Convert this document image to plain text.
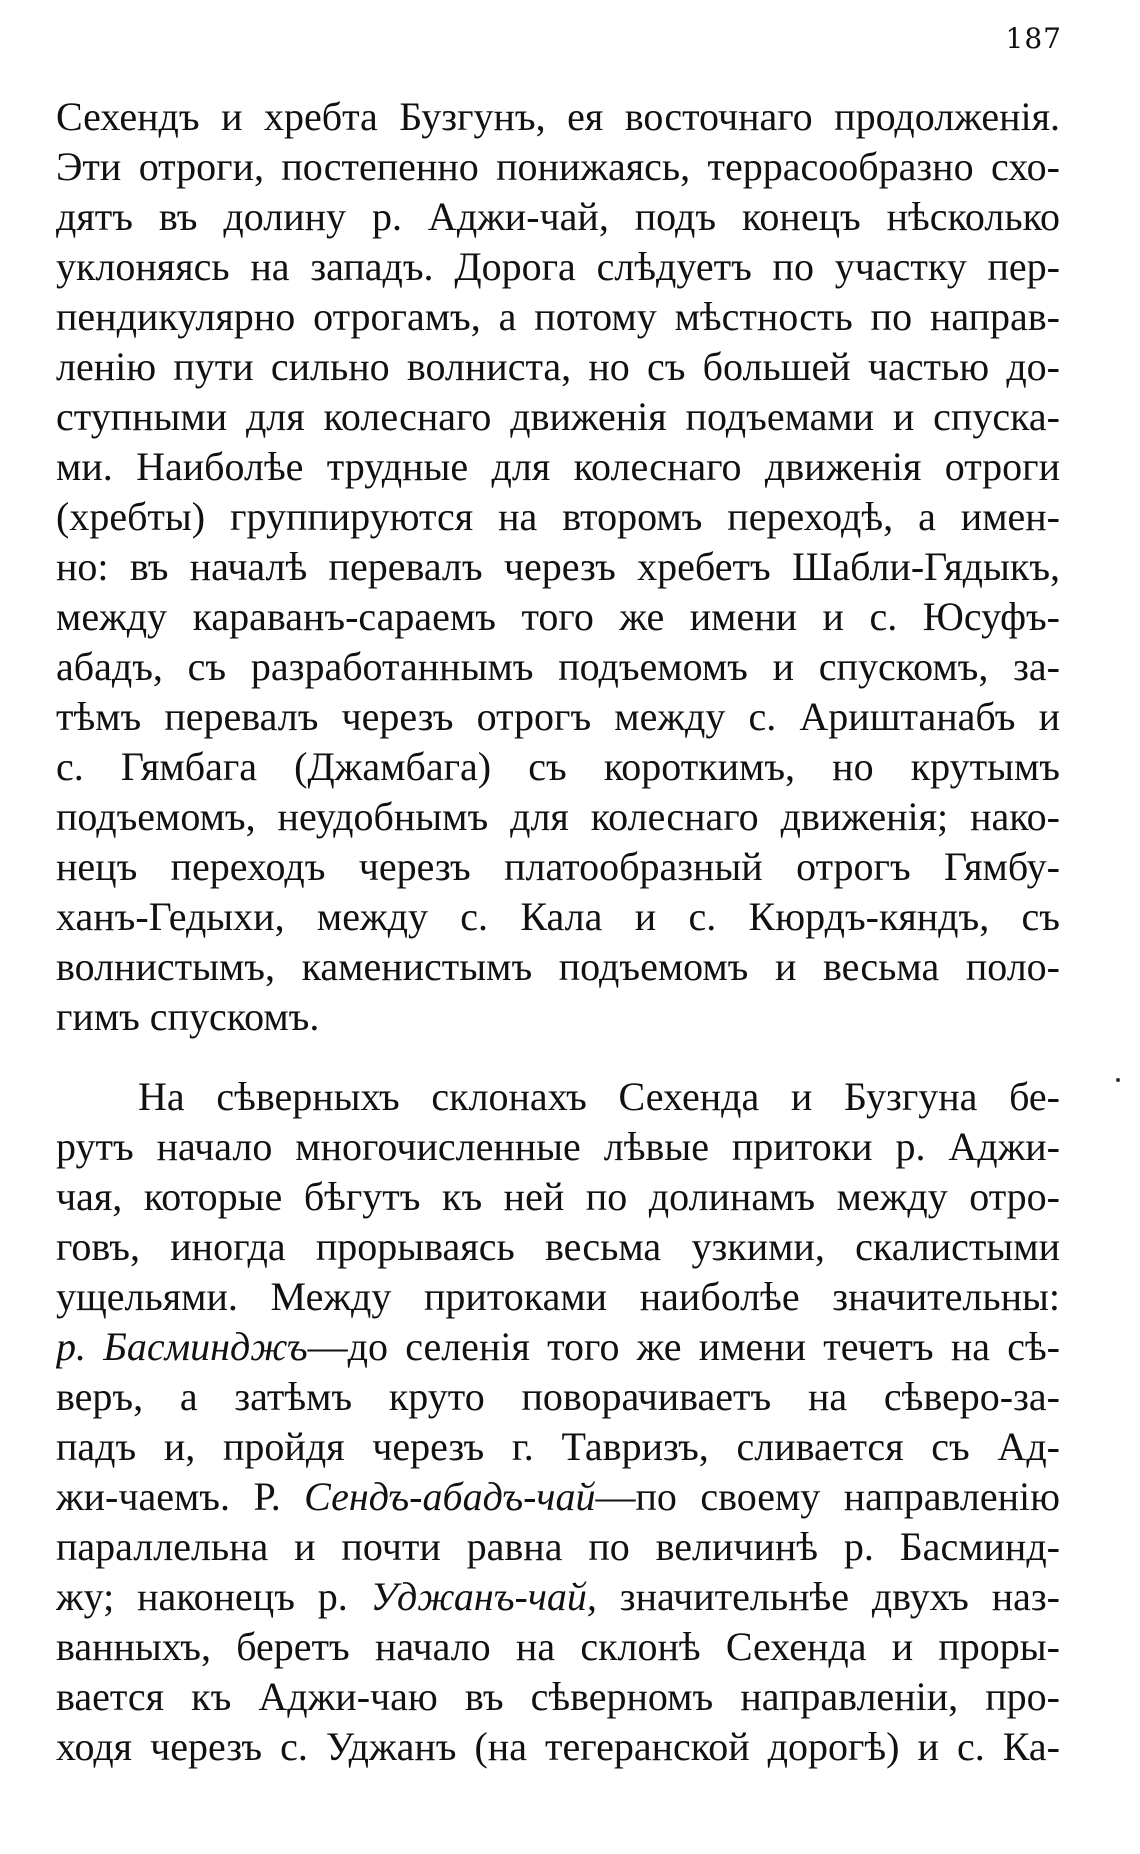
187
Сехендъ и хребта Бузгунъ, ея восточнаго продолженія.
Эти отроги, постепенно понижаясь, террасообразно схо-
дятъ въ долину р. Аджи-чай, подъ конецъ нѣсколько
уклоняясь на западъ. Дорога слѣдуетъ по участку пер-
пендикулярно отрогамъ, а потому мѣстность по направ-
ленію пути сильно волниста, но съ большей частью до-
ступными для колеснаго движенія подъемами и спуска-
ми. Наиболѣе трудные для колеснаго движенія отроги
(хребты) группируются на второмъ переходѣ, а имен-
но: въ началѣ перевалъ черезъ хребетъ Шабли-Гядыкъ,
между караванъ-сараемъ того же имени и с. Юсуфъ-
абадъ, съ разработаннымъ подъемомъ и спускомъ, за-
тѣмъ перевалъ черезъ отрогъ между с. Ариштанабъ и
с. Гямбага (Джамбага) съ короткимъ, но крутымъ
подъемомъ, неудобнымъ для колеснаго движенія; нако-
нецъ переходъ черезъ платообразный отрогъ Гямбу-
ханъ-Гедыхи, между с. Кала и с. Кюрдъ-кяндъ, съ
волнистымъ, каменистымъ подъемомъ и весьма поло-
гимъ спускомъ.
На сѣверныхъ склонахъ Сехенда и Бузгуна бе-
рутъ начало многочисленные лѣвые притоки р. Аджи-
чая, которые бѣгутъ къ ней по долинамъ между отро-
говъ, иногда прорываясь весьма узкими, скалистыми
ущельями. Между притоками наиболѣе значительны:
р. Басминджъ—до селенія того же имени течетъ на сѣ-
веръ, а затѣмъ круто поворачиваетъ на сѣверо-за-
падъ и, пройдя черезъ г. Тавризъ, сливается съ Ад-
жи-чаемъ. Р. Сендъ-абадъ-чай—по своему направленію
параллельна и почти равна по величинѣ р. Басминд-
жу; наконецъ р. Уджанъ-чай, значительнѣе двухъ наз-
ванныхъ, беретъ начало на склонѣ Сехенда и проры-
вается къ Аджи-чаю въ сѣверномъ направленіи, про-
ходя черезъ с. Уджанъ (на тегеранской дорогѣ) и с. Ка-
